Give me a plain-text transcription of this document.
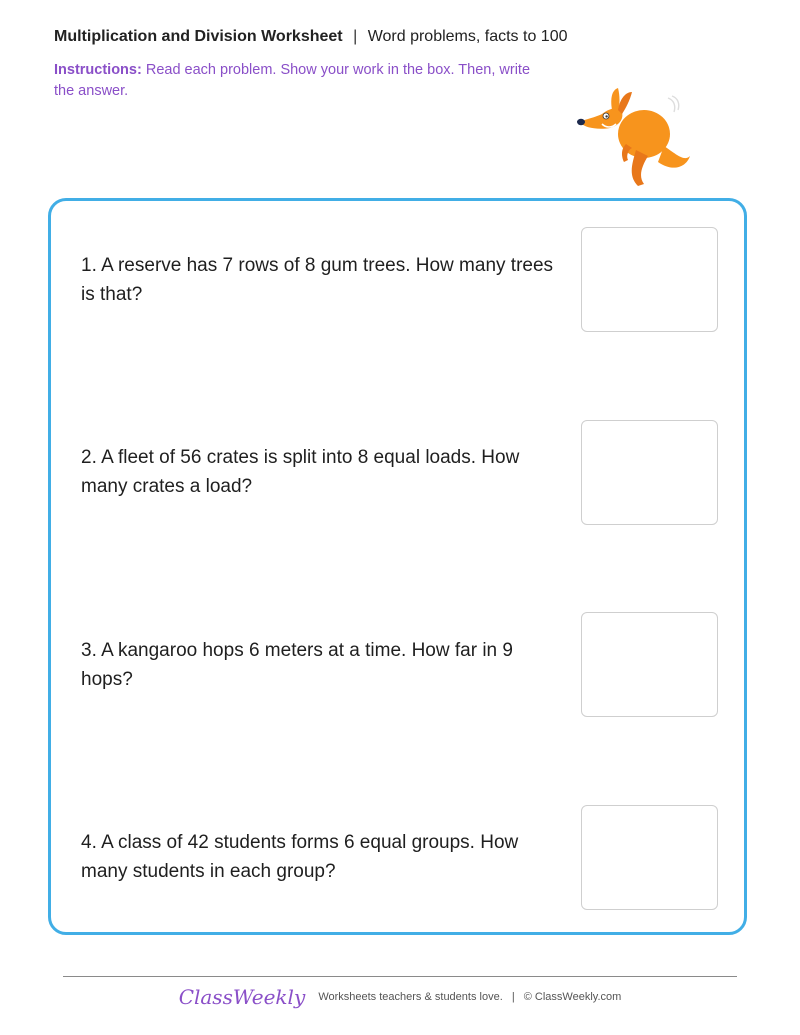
Multiplication and Division Worksheet | Word problems, facts to 100
Instructions: Read each problem. Show your work in the box. Then, write the answer.
1. A reserve has 7 rows of 8 gum trees. How many trees is that?
2. A fleet of 56 crates is split into 8 equal loads. How many crates a load?
3. A kangaroo hops 6 meters at a time. How far in 9 hops?
4. A class of 42 students forms 6 equal groups. How many students in each group?
ClassWeekly Worksheets teachers & students love. | © ClassWeekly.com
